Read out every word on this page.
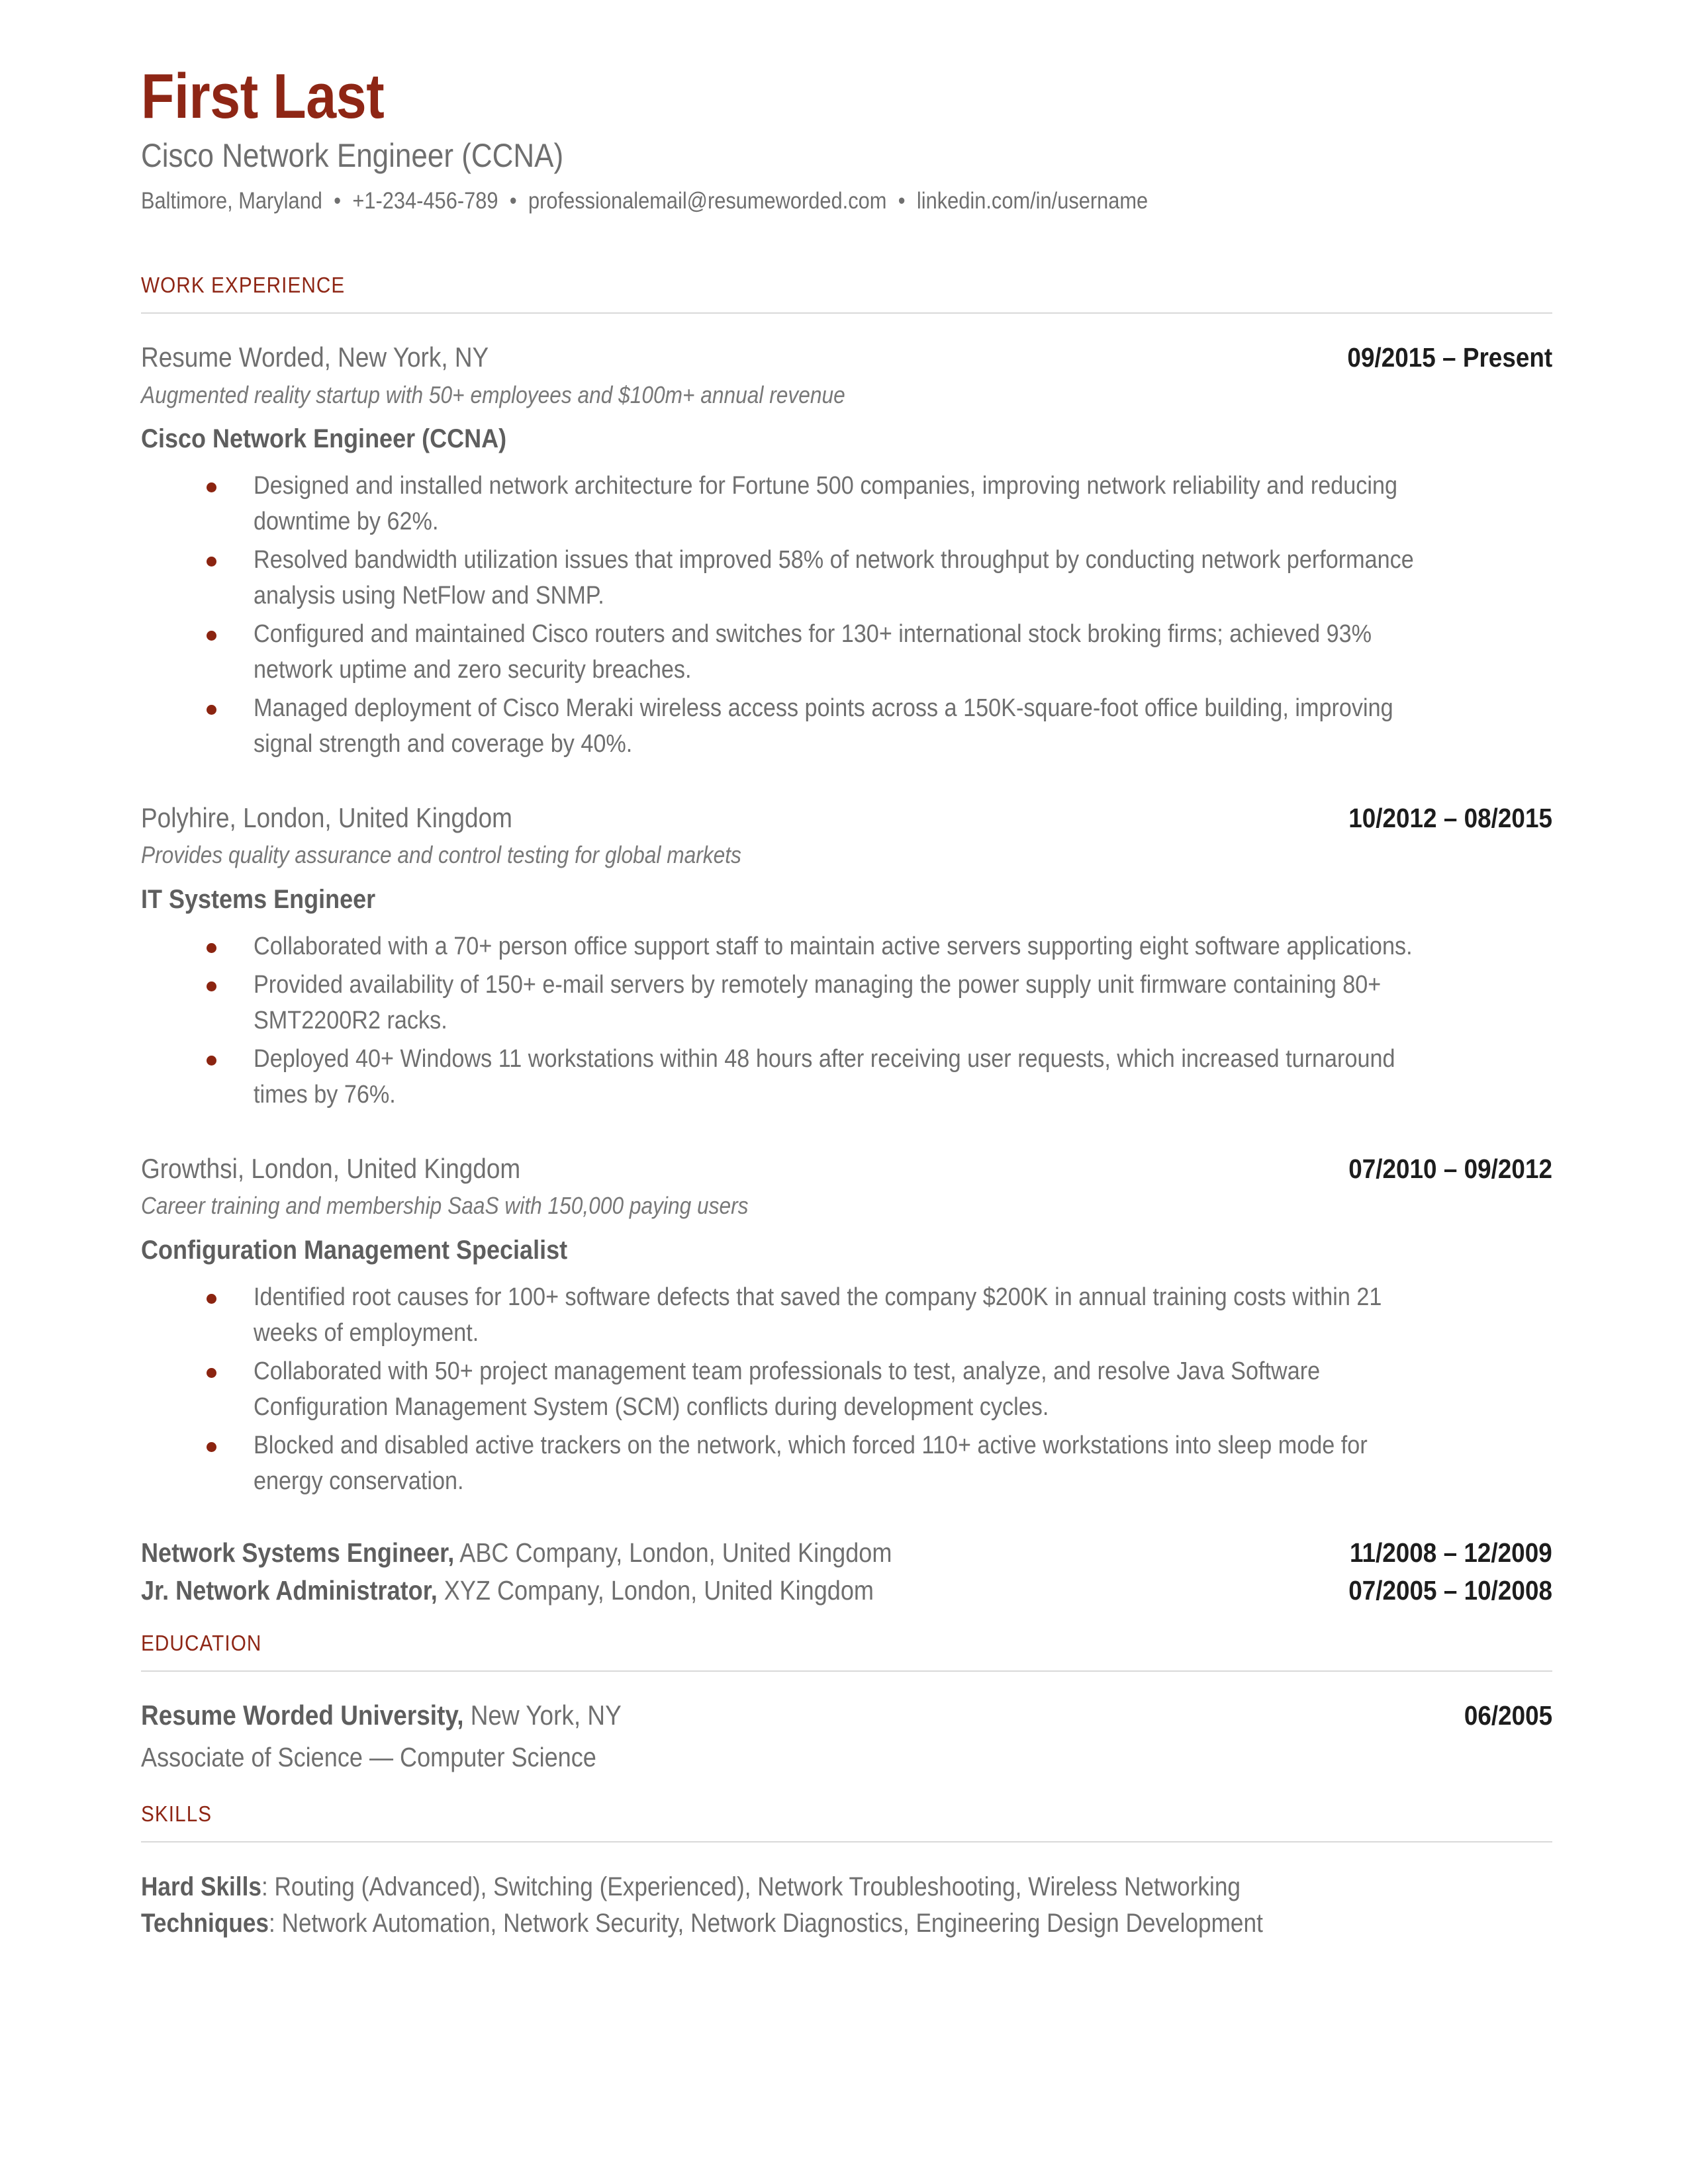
First Last
Cisco Network Engineer (CCNA)
Baltimore, Maryland • +1-234-456-789 • professionalemail@resumeworded.com • linkedin.com/in/username
WORK EXPERIENCE
Resume Worded, New York, NY	09/2015 – Present
Augmented reality startup with 50+ employees and $100m+ annual revenue
Cisco Network Engineer (CCNA)
Designed and installed network architecture for Fortune 500 companies, improving network reliability and reducing downtime by 62%.
Resolved bandwidth utilization issues that improved 58% of network throughput by conducting network performance analysis using NetFlow and SNMP.
Configured and maintained Cisco routers and switches for 130+ international stock broking firms; achieved 93% network uptime and zero security breaches.
Managed deployment of Cisco Meraki wireless access points across a 150K-square-foot office building, improving signal strength and coverage by 40%.
Polyhire, London, United Kingdom	10/2012 – 08/2015
Provides quality assurance and control testing for global markets
IT Systems Engineer
Collaborated with a 70+ person office support staff to maintain active servers supporting eight software applications.
Provided availability of 150+ e-mail servers by remotely managing the power supply unit firmware containing 80+ SMT2200R2 racks.
Deployed 40+ Windows 11 workstations within 48 hours after receiving user requests, which increased turnaround times by 76%.
Growthsi, London, United Kingdom	07/2010 – 09/2012
Career training and membership SaaS with 150,000 paying users
Configuration Management Specialist
Identified root causes for 100+ software defects that saved the company $200K in annual training costs within 21 weeks of employment.
Collaborated with 50+ project management team professionals to test, analyze, and resolve Java Software Configuration Management System (SCM) conflicts during development cycles.
Blocked and disabled active trackers on the network, which forced 110+ active workstations into sleep mode for energy conservation.
Network Systems Engineer, ABC Company, London, United Kingdom	11/2008 – 12/2009
Jr. Network Administrator, XYZ Company, London, United Kingdom	07/2005 – 10/2008
EDUCATION
Resume Worded University, New York, NY	06/2005
Associate of Science — Computer Science
SKILLS
Hard Skills: Routing (Advanced), Switching (Experienced), Network Troubleshooting, Wireless Networking
Techniques: Network Automation, Network Security, Network Diagnostics, Engineering Design Development
